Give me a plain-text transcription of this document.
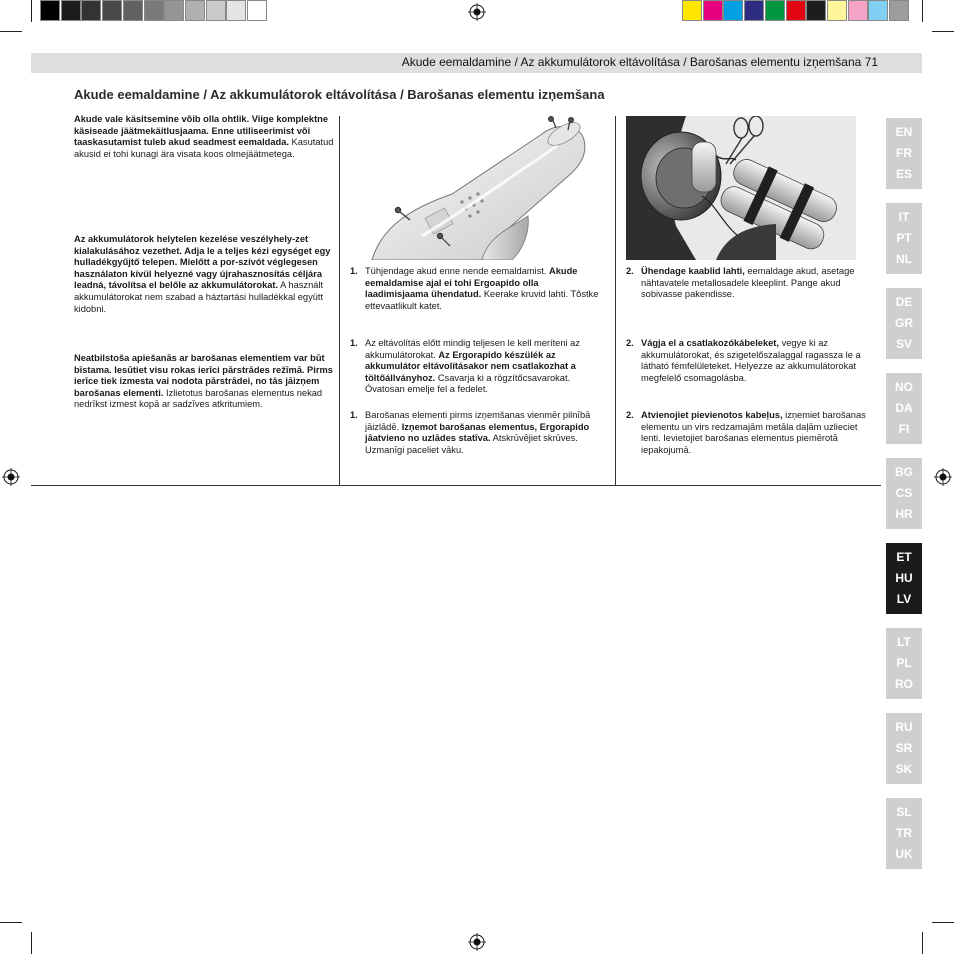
Akude eemaldamine / Az akkumulátorok eltávolítása / Barošanas elementu izņemšana 71
Akude eemaldamine / Az akkumulátorok eltávolítása / Barošanas elementu izņemšana
Akude vale käsitsemine võib olla ohtlik. Viige komplektne käsiseade jäätmekäitlusjaama. Enne utiliseerimist või taaskasutamist tuleb akud seadmest eemaldada. Kasutatud akusid ei tohi kunagi ära visata koos olmejäätmetega.
Az akkumulátorok helytelen kezelése veszélyhely-zet kialakulásához vezethet. Adja le a teljes kézi egységet egy hulladékgyűjtő telepen. Mielőtt a por-szívót véglegesen használaton kívül helyezné vagy újrahasznosítás céljára leadná, távolítsa el belőle az akkumulátorokat. A használt akkumulátorokat nem szabad a háztartási hulladékkal együtt kidobni.
Neatbilstoša apiešanās ar barošanas elementiem var būt bīstama. Iesūtiet visu rokas ierīci pārstrādes režīmā. Pirms ierīce tiek izmesta vai nodota pārstrādei, no tās jāizņem barošanas elementi. Izlietotus barošanas elementus nekad nedrīkst izmest kopā ar sadzīves atkritumiem.
1. Tühjendage akud enne nende eemaldamist. Akude eemaldamise ajal ei tohi Ergoapido olla laadimisjaama ühendatud. Keerake kruvid lahti. Tõstke ettevaatlikult katet.
1. Az eltávolítás előtt mindig teljesen le kell meríteni az akkumulátorokat. Az Ergorapido készülék az akkumulátor eltávolításakor nem csatlakozhat a töltőállványhoz. Csavarja ki a rögzítőcsavarokat. Óvatosan emelje fel a fedelet.
1. Barošanas elementi pirms izņemšanas vienmēr pilnībā jāizlādē. Izņemot barošanas elementus, Ergorapido jāatvieno no uzlādes statīva. Atskrūvējiet skrūves. Uzmanīgi paceliet vāku.
2. Ühendage kaablid lahti, eemaldage akud, asetage nähtavatele metallosadele kleeplint. Pange akud sobivasse pakendisse.
2. Vágja el a csatlakozókábeleket, vegye ki az akkumulátorokat, és szigetelőszalaggal ragassza le a látható fémfelületeket. Helyezze az akkumulátorokat megfelelő csomagolásba.
2. Atvienojiet pievienotos kabeļus, izņemiet barošanas elementu un virs redzamajām metāla daļām uzlieciet lenti. Ievietojiet barošanas elementus piemērotā iepakojumā.
EN
FR
ES
IT
PT
NL
DE
GR
SV
NO
DA
FI
BG
CS
HR
ET
HU
LV
LT
PL
RO
RU
SR
SK
SL
TR
UK
